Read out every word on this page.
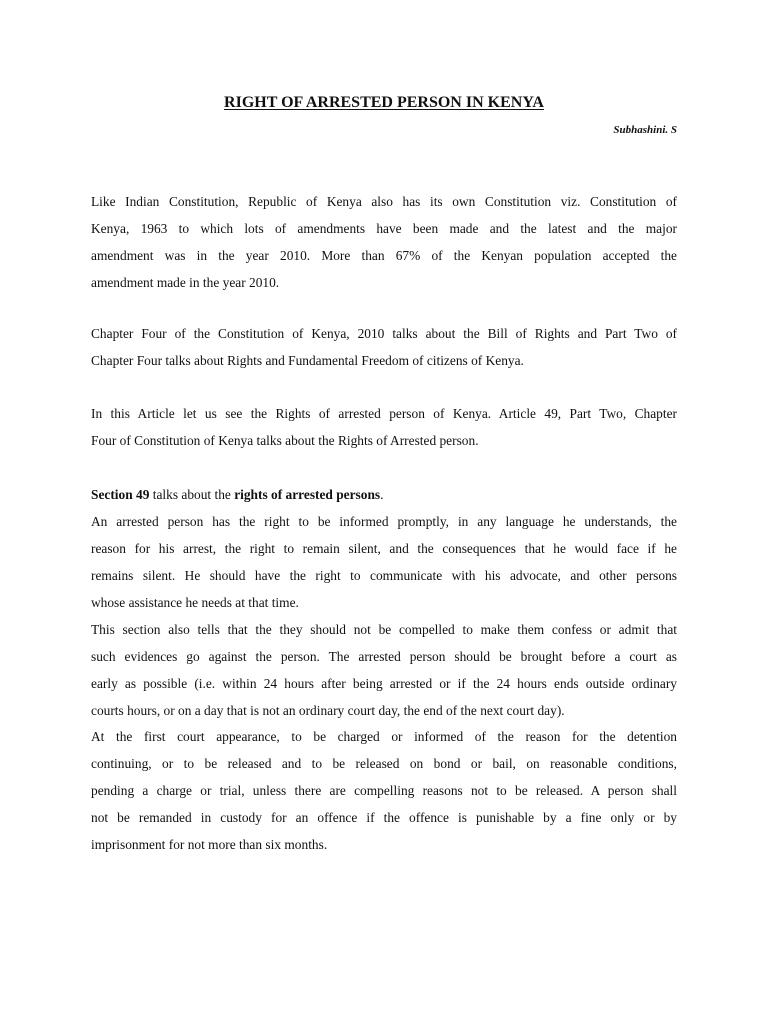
RIGHT OF ARRESTED PERSON IN KENYA

Subhashini. S

Like Indian Constitution, Republic of Kenya also has its own Constitution viz. Constitution of
Kenya, 1963 to which lots of amendments have been made and the latest and the major
amendment was in the year 2010. More than 67% of the Kenyan population accepted the
amendment made in the year 2010.

Chapter Four of the Constitution of Kenya, 2010 talks about the Bill of Rights and Part Two of
Chapter Four talks about Rights and Fundamental Freedom of citizens of Kenya.

In this Article let us see the Rights of arrested person of Kenya. Article 49, Part Two, Chapter
Four of Constitution of Kenya talks about the Rights of Arrested person.

Section 49 talks about the rights of arrested persons.

An arrested person has the right to be informed promptly, in any language he understands, the
reason for his arrest, the right to remain silent, and the consequences that he would face if he
remains silent. He should have the right to communicate with his advocate, and other persons
whose assistance he needs at that time.

This section also tells that the they should not be compelled to make them confess or admit that
such evidences go against the person. The arrested person should be brought before a court as
early as possible (i.e. within 24 hours after being arrested or if the 24 hours ends outside ordinary
courts hours, or on a day that is not an ordinary court day, the end of the next court day).

At the first court appearance, to be charged or informed of the reason for the detention
continuing, or to be released and to be released on bond or bail, on reasonable conditions,
pending a charge or trial, unless there are compelling reasons not to be released. A person shall
not be remanded in custody for an offence if the offence is punishable by a fine only or by
imprisonment for not more than six months.
